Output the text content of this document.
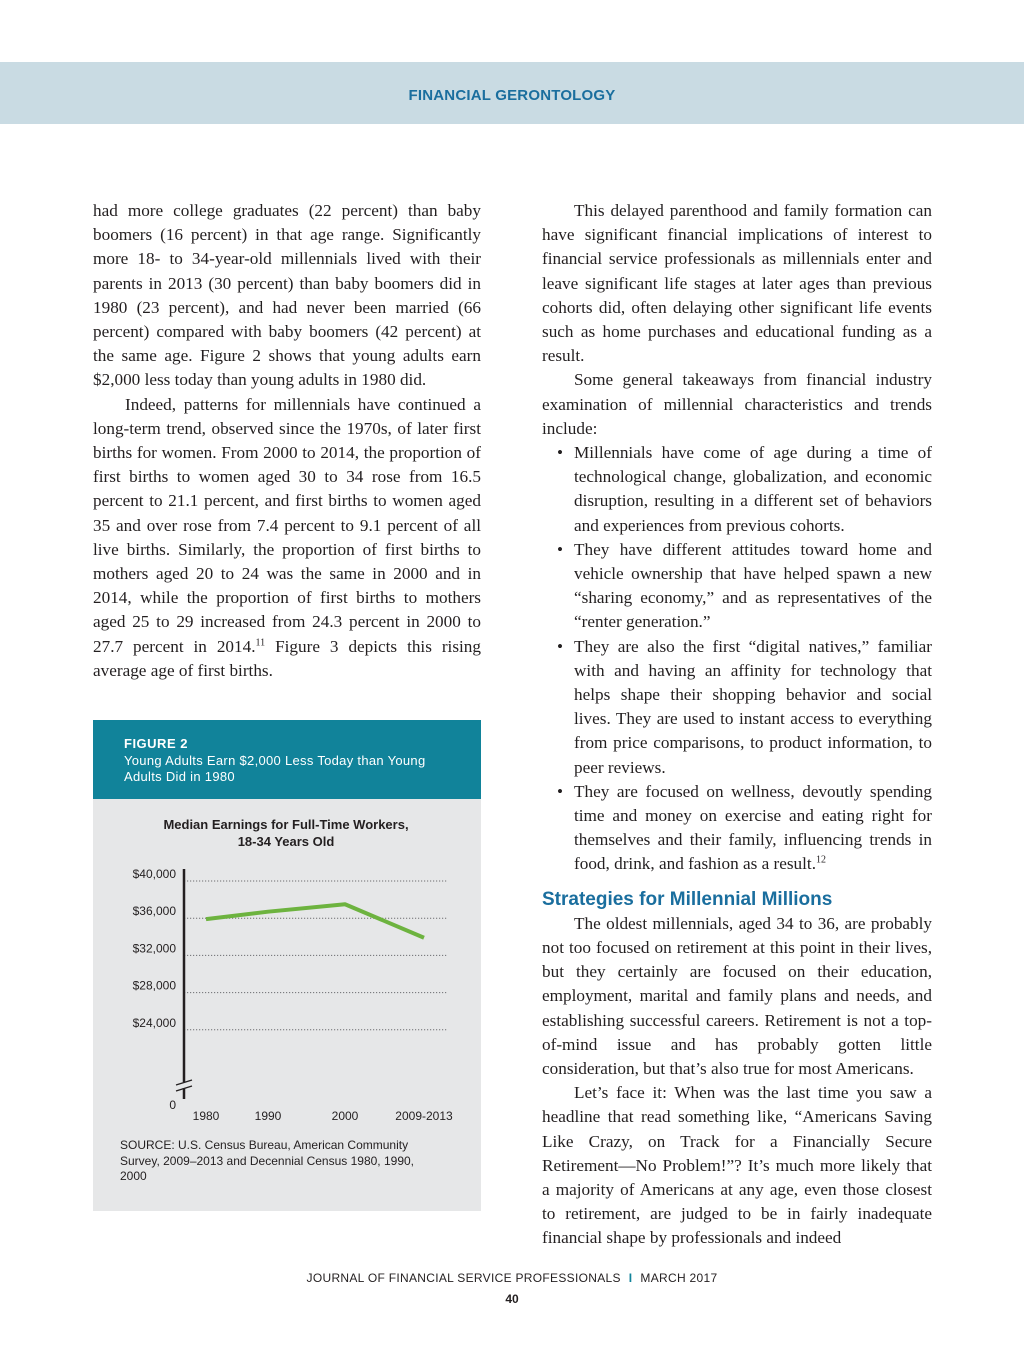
FINANCIAL GERONTOLOGY

had more college graduates (22 percent) than baby boomers (16 percent) in that age range. Significantly more 18- to 34-year-old millennials lived with their parents in 2013 (30 percent) than baby boomers did in 1980 (23 percent), and had never been married (66 percent) compared with baby boomers (42 percent) at the same age. Figure 2 shows that young adults earn $2,000 less today than young adults in 1980 did.

Indeed, patterns for millennials have continued a long-term trend, observed since the 1970s, of later first births for women. From 2000 to 2014, the proportion of first births to women aged 30 to 34 rose from 16.5 percent to 21.1 percent, and first births to women aged 35 and over rose from 7.4 percent to 9.1 percent of all live births. Similarly, the proportion of first births to mothers aged 20 to 24 was the same in 2000 and in 2014, while the proportion of first births to mothers aged 25 to 29 increased from 24.3 percent in 2000 to 27.7 percent in 2014.11 Figure 3 depicts this rising average age of first births.

FIGURE 2
Young Adults Earn $2,000 Less Today than Young Adults Did in 1980
Median Earnings for Full-Time Workers,
18-34 Years Old
$40,000
$36,000
$32,000
$28,000
$24,000
0
1980	1990	2000	2009-2013
SOURCE: U.S. Census Bureau, American Community Survey, 2009–2013 and Decennial Census 1980, 1990, 2000

This delayed parenthood and family formation can have significant financial implications of interest to financial service professionals as millennials enter and leave significant life stages at later ages than previous cohorts did, often delaying other significant life events such as home purchases and educational funding as a result.

Some general takeaways from financial industry examination of millennial characteristics and trends include:

• Millennials have come of age during a time of technological change, globalization, and economic disruption, resulting in a different set of behaviors and experiences from previous cohorts.
• They have different attitudes toward home and vehicle ownership that have helped spawn a new “sharing economy,” and as representatives of the “renter generation.”
• They are also the first “digital natives,” familiar with and having an affinity for technology that helps shape their shopping behavior and social lives. They are used to instant access to everything from price comparisons, to product information, to peer reviews.
• They are focused on wellness, devoutly spending time and money on exercise and eating right for themselves and their family, influencing trends in food, drink, and fashion as a result.$^{12}$
Strategies for Millennial Millions

The oldest millennials, aged 34 to 36, are probably not too focused on retirement at this point in their lives, but they certainly are focused on their education, employment, marital and family plans and needs, and establishing successful careers. Retirement is not a top-of-mind issue and has probably gotten little consideration, but that’s also true for most Americans.

Let’s face it: When was the last time you saw a headline that read something like, “Americans Saving Like Crazy, on Track for a Financially Secure Retirement—No Problem!”? It’s much more likely that a majority of Americans at any age, even those closest to retirement, are judged to be in fairly inadequate financial shape by professionals and indeed

JOURNAL OF FINANCIAL SERVICE PROFESSIONALS I MARCH 2017
40
